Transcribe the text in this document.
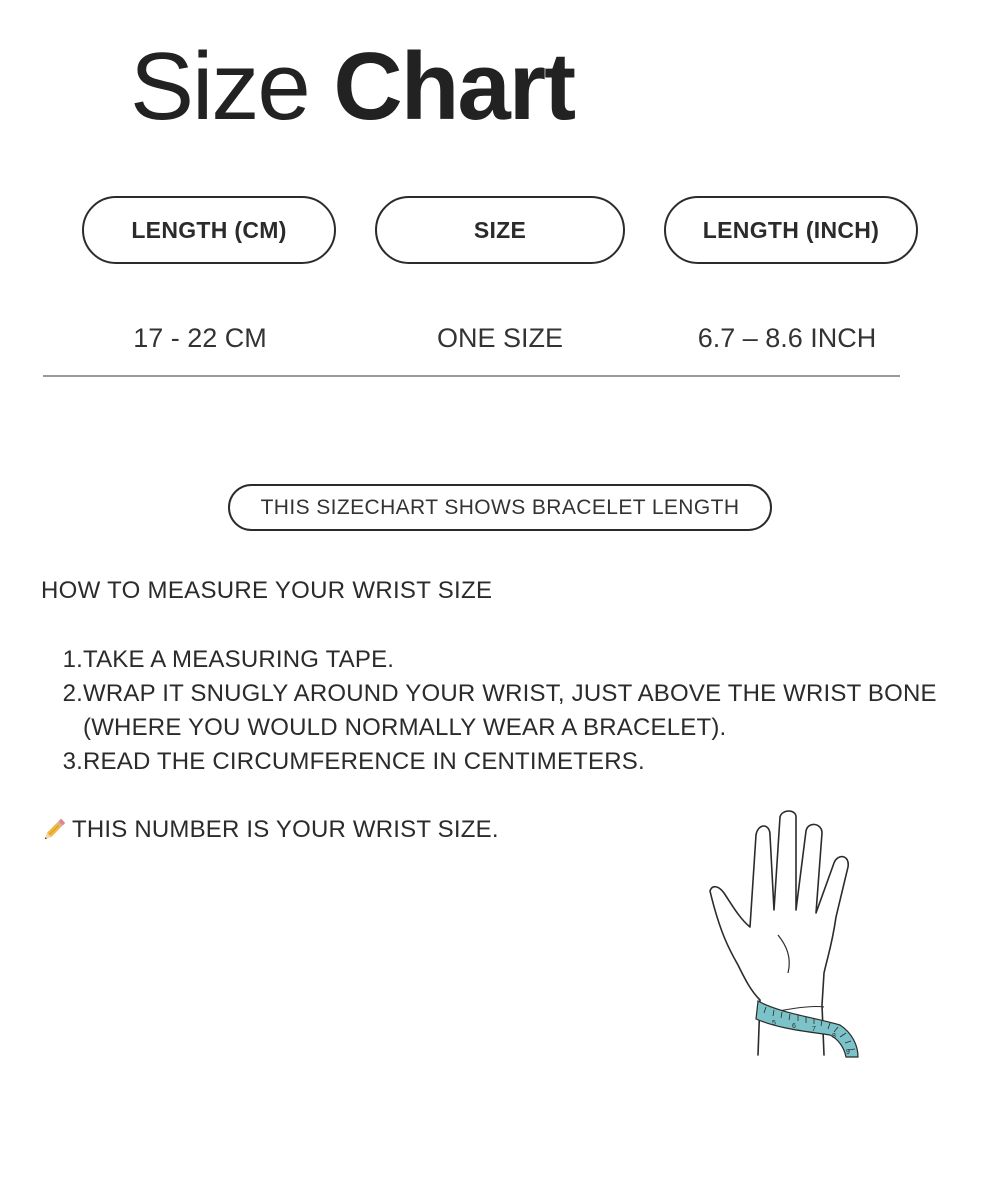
Size Chart
LENGTH (CM)	SIZE	LENGTH (INCH)
17 - 22 CM	ONE SIZE	6.7 – 8.6 INCH
THIS SIZECHART SHOWS BRACELET LENGTH
HOW TO MEASURE YOUR WRIST SIZE
1. TAKE A MEASURING TAPE.
2. WRAP IT SNUGLY AROUND YOUR WRIST, JUST ABOVE THE WRIST BONE
(WHERE YOU WOULD NORMALLY WEAR A BRACELET).
3. READ THE CIRCUMFERENCE IN CENTIMETERS.
THIS NUMBER IS YOUR WRIST SIZE.
5 6 7
8
9
